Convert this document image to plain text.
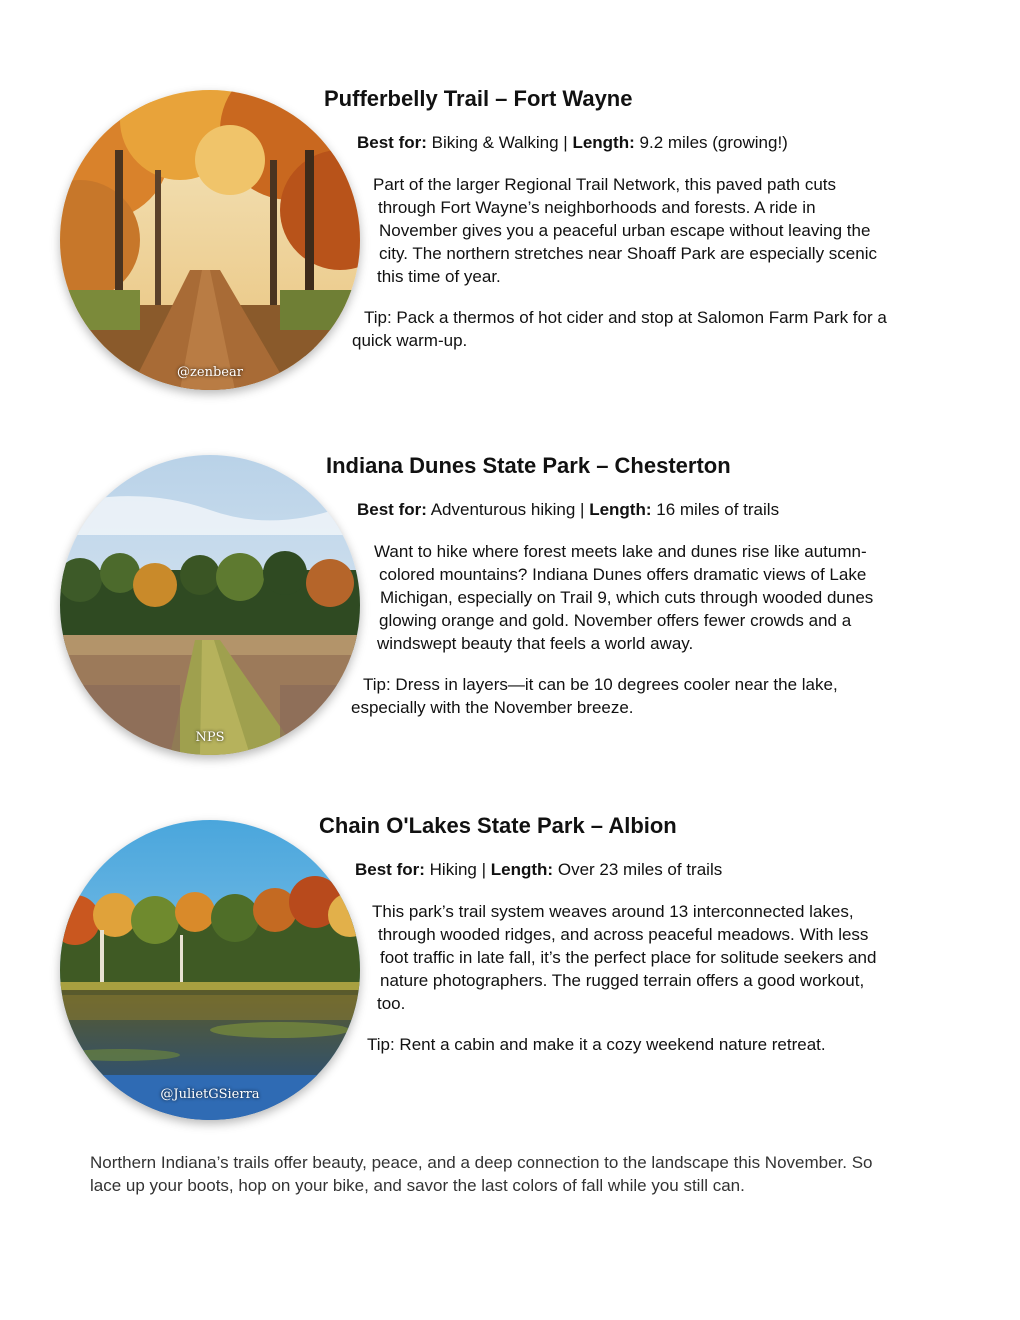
@zenbear
Pufferbelly Trail – Fort Wayne
Best for: Biking & Walking | Length: 9.2 miles (growing!)
Part of the larger Regional Trail Network, this paved path cuts
through Fort Wayne’s neighborhoods and forests. A ride in
November gives you a peaceful urban escape without leaving the
city. The northern stretches near Shoaff Park are especially scenic
this time of year.
Tip: Pack a thermos of hot cider and stop at Salomon Farm Park for a
quick warm-up.
NPS
Indiana Dunes State Park – Chesterton
Best for: Adventurous hiking | Length: 16 miles of trails
Want to hike where forest meets lake and dunes rise like autumn-
colored mountains? Indiana Dunes offers dramatic views of Lake
Michigan, especially on Trail 9, which cuts through wooded dunes
glowing orange and gold. November offers fewer crowds and a
windswept beauty that feels a world away.
Tip: Dress in layers—it can be 10 degrees cooler near the lake,
especially with the November breeze.
@JulietGSierra
Chain O'Lakes State Park – Albion
Best for: Hiking | Length: Over 23 miles of trails
This park’s trail system weaves around 13 interconnected lakes,
through wooded ridges, and across peaceful meadows. With less
foot traffic in late fall, it’s the perfect place for solitude seekers and
nature photographers. The rugged terrain offers a good workout,
too.
Tip: Rent a cabin and make it a cozy weekend nature retreat.
Northern Indiana’s trails offer beauty, peace, and a deep connection to the landscape this November. So
lace up your boots, hop on your bike, and savor the last colors of fall while you still can.
